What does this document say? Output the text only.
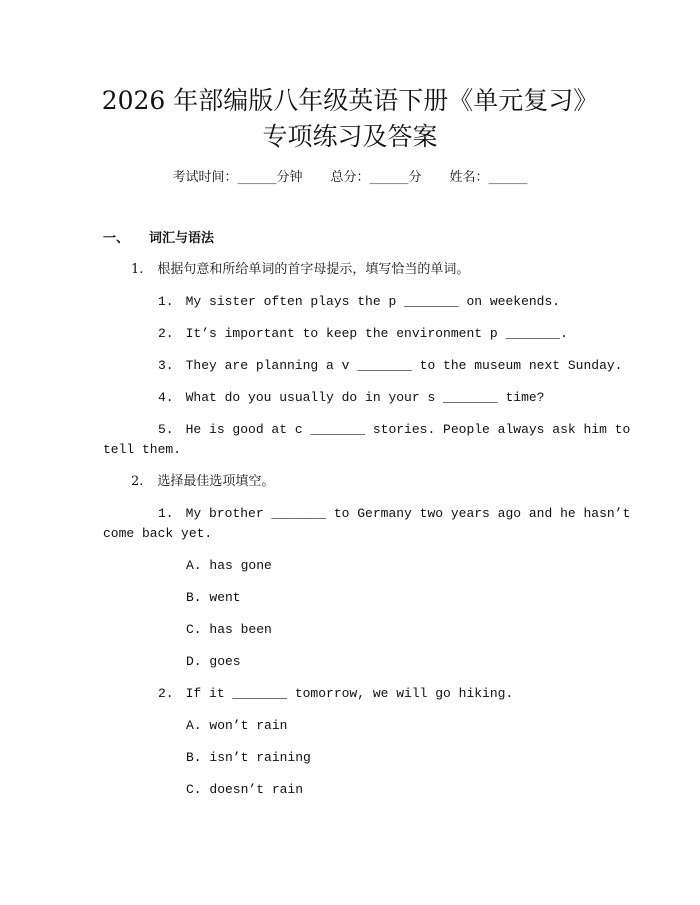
2026 年部编版八年级英语下册《单元复习》
专项练习及答案
考试时间：______分钟 总分：______分 姓名：______
一、 词汇与语法
1. 根据句意和所给单词的首字母提示，填写恰当的单词。
1. My sister often plays the p _______ on weekends.
2. It’s important to keep the environment p _______.
3. They are planning a v _______ to the museum next Sunday.
4. What do you usually do in your s _______ time?
5. He is good at c _______ stories. People always ask him to
tell them.
2. 选择最佳选项填空。
1. My brother _______ to Germany two years ago and he hasn’t
come back yet.
A. has gone
B. went
C. has been
D. goes
2. If it _______ tomorrow, we will go hiking.
A. won’t rain
B. isn’t raining
C. doesn’t rain
